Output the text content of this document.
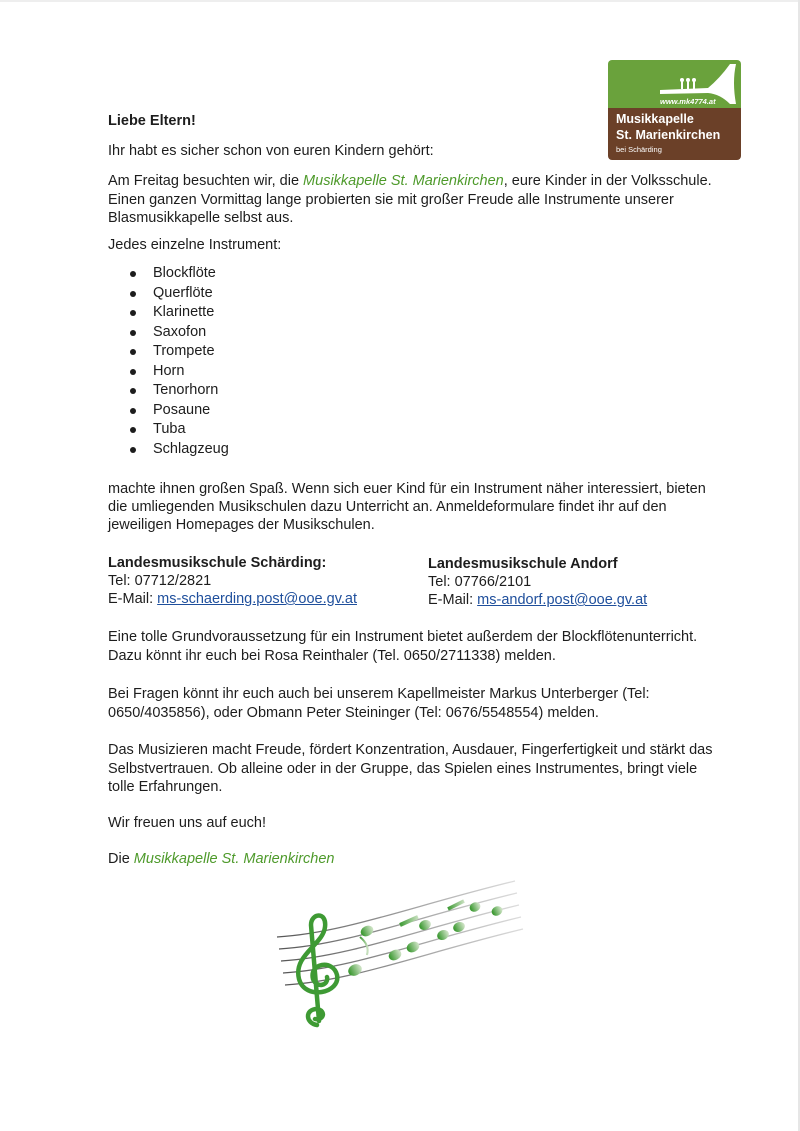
www.mk4774.at
Musikkapelle
St. Marienkirchen
bei Schärding
Liebe Eltern!
Ihr habt es sicher schon von euren Kindern gehört:
Am Freitag besuchten wir, die Musikkapelle St. Marienkirchen, eure Kinder in der Volksschule.
Einen ganzen Vormittag lange probierten sie mit großer Freude alle Instrumente unserer
Blasmusikkapelle selbst aus.
Jedes einzelne Instrument:
Blockflöte
Querflöte
Klarinette
Saxofon
Trompete
Horn
Tenorhorn
Posaune
Tuba
Schlagzeug
machte ihnen großen Spaß. Wenn sich euer Kind für ein Instrument näher interessiert, bieten
die umliegenden Musikschulen dazu Unterricht an. Anmeldeformulare findet ihr auf den
jeweiligen Homepages der Musikschulen.
Landesmusikschule Schärding:
Tel: 07712/2821
E-Mail: ms-schaerding.post@ooe.gv.at
Landesmusikschule Andorf
Tel: 07766/2101
E-Mail: ms-andorf.post@ooe.gv.at
Eine tolle Grundvoraussetzung für ein Instrument bietet außerdem der Blockflötenunterricht.
Dazu könnt ihr euch bei Rosa Reinthaler (Tel. 0650/2711338) melden.
Bei Fragen könnt ihr euch auch bei unserem Kapellmeister Markus Unterberger (Tel:
0650/4035856), oder Obmann Peter Steininger (Tel: 0676/5548554) melden.
Das Musizieren macht Freude, fördert Konzentration, Ausdauer, Fingerfertigkeit und stärkt das
Selbstvertrauen. Ob alleine oder in der Gruppe, das Spielen eines Instrumentes, bringt viele
tolle Erfahrungen.
Wir freuen uns auf euch!
Die Musikkapelle St. Marienkirchen
